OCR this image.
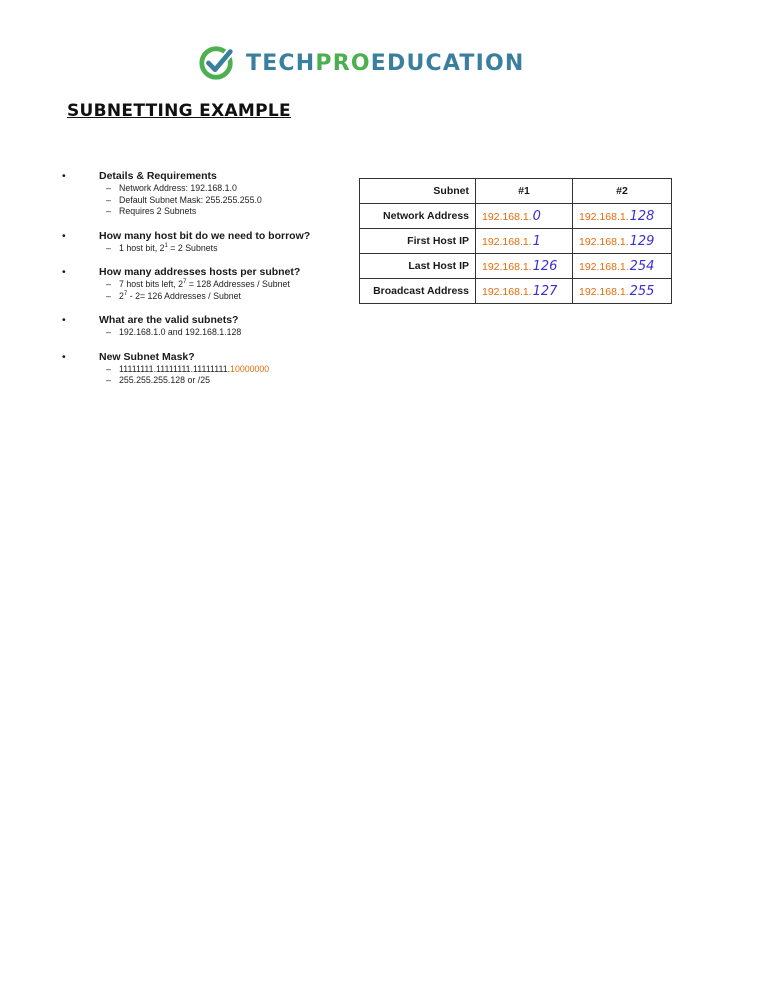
TECHPROEDUCATION
SUBNETTING EXAMPLE
•	Details & Requirements
– Network Address: 192.168.1.0
– Default Subnet Mask: 255.255.255.0
– Requires 2 Subnets
•	How many host bit do we need to borrow?
– 1 host bit, $2^1 = 2$ Subnets
•	How many addresses hosts per subnet?
– 7 host bits left, $2^7 = 128$ Addresses / Subnet
– $2^7 - 2= 126$ Addresses / Subnet
•	What are the valid subnets?
– 192.168.1.0 and 192.168.1.128
•	New Subnet Mask?
– 11111111.11111111.11111111.10000000
– 255.255.255.128 or /25
Subnet	#1	#2
Network Address	192.168.1.0	192.168.1.128
First Host IP	192.168.1.1	192.168.1.129
Last Host IP	192.168.1.126	192.168.1.254
Broadcast Address	192.168.1.127	192.168.1.255
